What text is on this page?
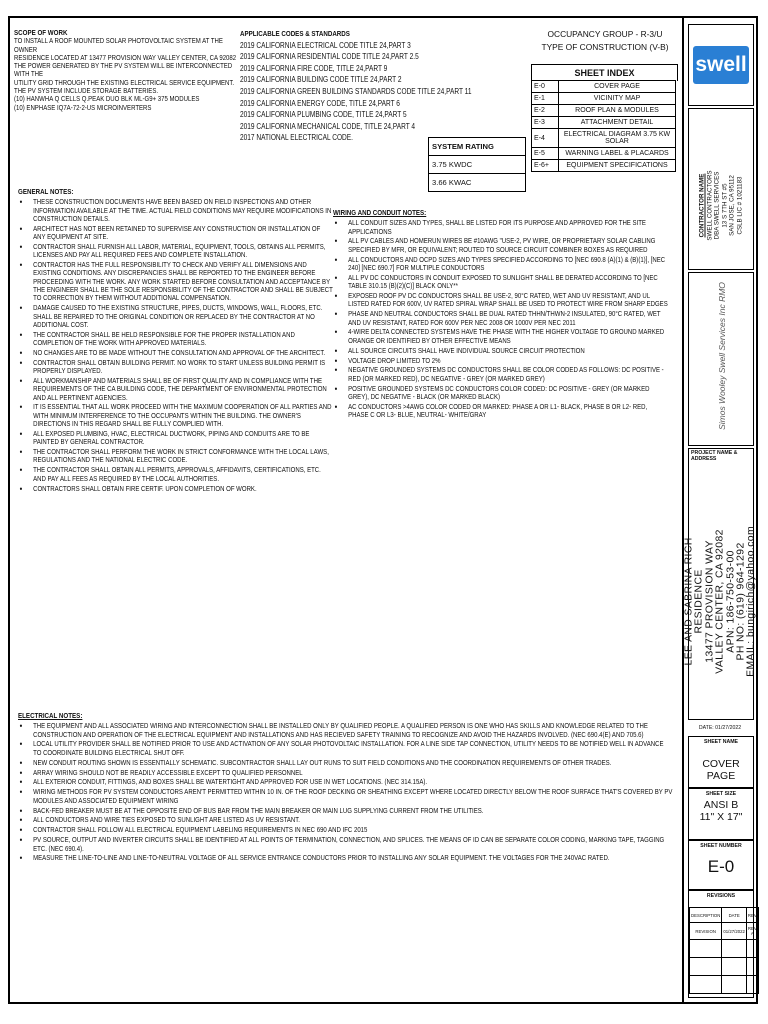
SCOPE OF WORK
TO INSTALL A ROOF MOUNTED SOLAR PHOTOVOLTAIC SYSTEM AT THE OWNER
RESIDENCE LOCATED AT 13477 PROVISION WAY VALLEY CENTER, CA 92082
THE POWER GENERATED BY THE PV SYSTEM WILL BE INTERCONNECTED WITH THE
UTILITY GRID THROUGH THE EXISTING ELECTRICAL SERVICE EQUIPMENT.
THE PV SYSTEM INCLUDE STORAGE BATTERIES.
(10) HANWHA Q CELLS Q.PEAK DUO BLK ML-G9+ 375 MODULES
(10) ENPHASE IQ7A-72-2-US MICROINVERTERS
APPLICABLE CODES & STANDARDS
2019 CALIFORNIA ELECTRICAL CODE TITLE 24,PART 3
2019 CALIFORNIA RESIDENTIAL CODE TITLE 24,PART 2.5
2019 CALIFORNIA FIRE CODE, TITLE 24,PART 9
2019 CALIFORNIA BUILDING CODE TITLE 24,PART 2
2019 CALIFORNIA GREEN BUILDING STANDARDS CODE TITLE 24,PART 11
2019 CALIFORNIA ENERGY CODE, TITLE 24,PART 6
2019 CALIFORNIA PLUMBING CODE, TITLE 24,PART 5
2019 CALIFORNIA MECHANICAL CODE, TITLE 24,PART 4
2017 NATIONAL ELECTRICAL CODE.
OCCUPANCY GROUP - R-3/U
TYPE OF CONSTRUCTION (V-B)
SHEET INDEX
E-0	COVER PAGE
E-1	VICINITY MAP
E-2	ROOF PLAN & MODULES
E-3	ATTACHMENT DETAIL
E-4	ELECTRICAL DIAGRAM 3.75 KW SOLAR
E-5	WARNING LABEL & PLACARDS
E-6+	EQUIPMENT SPECIFICATIONS
SYSTEM RATING
3.75 KWDC
3.66 KWAC
GENERAL NOTES:
• THESE CONSTRUCTION DOCUMENTS HAVE BEEN BASED ON FIELD INSPECTIONS AND OTHER INFORMATION AVAILABLE AT THE TIME. ACTUAL FIELD CONDITIONS MAY REQUIRE MODIFICATIONS IN CONSTRUCTION DETAILS.
• ARCHITECT HAS NOT BEEN RETAINED TO SUPERVISE ANY CONSTRUCTION OR INSTALLATION OF ANY EQUIPMENT AT SITE.
• CONTRACTOR SHALL FURNISH ALL LABOR, MATERIAL, EQUIPMENT, TOOLS, OBTAINS ALL PERMITS, LICENSES AND PAY ALL REQUIRED FEES AND COMPLETE INSTALLATION.
• CONTRACTOR HAS THE FULL RESPONSIBILITY TO CHECK AND VERIFY ALL DIMENSIONS AND EXISTING CONDITIONS. ANY DISCREPANCIES SHALL BE REPORTED TO THE ENGINEER BEFORE PROCEEDING WITH THE WORK. ANY WORK STARTED BEFORE CONSULTATION AND ACCEPTANCE BY THE ENGINEER SHALL BE THE SOLE RESPONSIBILITY OF THE CONTRACTOR AND SHALL BE SUBJECT TO CORRECTION BY THEM WITHOUT ADDITIONAL COMPENSATION.
• DAMAGE CAUSED TO THE EXISTING STRUCTURE, PIPES, DUCTS, WINDOWS, WALL, FLOORS, ETC. SHALL BE REPAIRED TO THE ORIGINAL CONDITION OR REPLACED BY THE CONTRACTOR AT NO ADDITIONAL COST.
• THE CONTRACTOR SHALL BE HELD RESPONSIBLE FOR THE PROPER INSTALLATION AND COMPLETION OF THE WORK WITH APPROVED MATERIALS.
• NO CHANGES ARE TO BE MADE WITHOUT THE CONSULTATION AND APPROVAL OF THE ARCHITECT.
• CONTRACTOR SHALL OBTAIN BUILDING PERMIT. NO WORK TO START UNLESS BUILDING PERMIT IS PROPERLY DISPLAYED.
• ALL WORKMANSHIP AND MATERIALS SHALL BE OF FIRST QUALITY AND IN COMPLIANCE WITH THE REQUIREMENTS OF THE CA BUILDING CODE, THE DEPARTMENT OF ENVIRONMENTAL PROTECTION AND ALL PERTINENT AGENCIES.
• IT IS ESSENTIAL THAT ALL WORK PROCEED WITH THE MAXIMUM COOPERATION OF ALL PARTIES AND WITH MINIMUM INTERFERENCE TO THE OCCUPANTS WITHIN THE BUILDING. THE OWNER'S DIRECTIONS IN THIS REGARD SHALL BE FULLY COMPLIED WITH.
• ALL EXPOSED PLUMBING, HVAC, ELECTRICAL DUCTWORK, PIPING AND CONDUITS ARE TO BE PAINTED BY GENERAL CONTRACTOR.
• THE CONTRACTOR SHALL PERFORM THE WORK IN STRICT CONFORMANCE WITH THE LOCAL LAWS, REGULATIONS AND THE NATIONAL ELECTRIC CODE.
• THE CONTRACTOR SHALL OBTAIN ALL PERMITS, APPROVALS, AFFIDAVITS, CERTIFICATIONS, ETC. AND PAY ALL FEES AS REQUIRED BY THE LOCAL AUTHORITIES.
• CONTRACTORS SHALL OBTAIN FIRE CERTIF. UPON COMPLETION OF WORK.
WIRING AND CONDUIT NOTES:
• ALL CONDUIT SIZES AND TYPES, SHALL BE LISTED FOR ITS PURPOSE AND APPROVED FOR THE SITE APPLICATIONS
• ALL PV CABLES AND HOMERUN WIRES BE #10AWG "USE-2, PV WIRE, OR PROPRIETARY SOLAR CABLING SPECIFIED BY MFR, OR EQUIVALENT; ROUTED TO SOURCE CIRCUIT COMBINER BOXES AS REQUIRED
• ALL CONDUCTORS AND OCPD SIZES AND TYPES SPECIFIED ACCORDING TO [NEC 690.8 (A)(1) & (B)(1)], [NEC 240] [NEC 690.7] FOR MULTIPLE CONDUCTORS
• ALL PV DC CONDUCTORS IN CONDUIT EXPOSED TO SUNLIGHT SHALL BE DERATED ACCORDING TO [NEC TABLE 310.15 (B)(2)(C)] BLACK ONLY**
• EXPOSED ROOF PV DC CONDUCTORS SHALL BE USE-2, 90°C RATED, WET AND UV RESISTANT, AND UL LISTED RATED FOR 600V, UV RATED SPIRAL WRAP SHALL BE USED TO PROTECT WIRE FROM SHARP EDGES
• PHASE AND NEUTRAL CONDUCTORS SHALL BE DUAL RATED THHN/THWN-2 INSULATED, 90°C RATED, WET AND UV RESISTANT, RATED FOR 600V PER NEC 2008 OR 1000V PER NEC 2011
• 4-WIRE DELTA CONNECTED SYSTEMS HAVE THE PHASE WITH THE HIGHER VOLTAGE TO GROUND MARKED ORANGE OR IDENTIFIED BY OTHER EFFECTIVE MEANS
• ALL SOURCE CIRCUITS SHALL HAVE INDIVIDUAL SOURCE CIRCUIT PROTECTION
• VOLTAGE DROP LIMITED TO 2%
• NEGATIVE GROUNDED SYSTEMS DC CONDUCTORS SHALL BE COLOR CODED AS FOLLOWS: DC POSITIVE - RED (OR MARKED RED), DC NEGATIVE - GREY (OR MARKED GREY)
• POSITIVE GROUNDED SYSTEMS DC CONDUCTORS COLOR CODED: DC POSITIVE - GREY (OR MARKED GREY), DC NEGATIVE - BLACK (OR MARKED BLACK)
• AC CONDUCTORS >4AWG COLOR CODED OR MARKED: PHASE A OR L1- BLACK, PHASE B OR L2- RED, PHASE C OR L3- BLUE, NEUTRAL- WHITE/GRAY
ELECTRICAL NOTES:
• THE EQUIPMENT AND ALL ASSOCIATED WIRING AND INTERCONNECTION SHALL BE INSTALLED ONLY BY QUALIFIED PEOPLE. A QUALIFIED PERSON IS ONE WHO HAS SKILLS AND KNOWLEDGE RELATED TO THE CONSTRUCTION AND OPERATION OF THE ELECTRICAL EQUIPMENT AND INSTALLATIONS AND HAS RECIEVED SAFETY TRAINING TO RECOGNIZE AND AVOID THE HAZARDS INVOLVED. (NEC 690.4(E) AND 705.6)
• LOCAL UTILITY PROVIDER SHALL BE NOTIFIED PRIOR TO USE AND ACTIVATION OF ANY SOLAR PHOTOVOLTAIC INSTALLATION. FOR A LINE SIDE TAP CONNECTION, UTILITY NEEDS TO BE NOTIFIED WELL IN ADVANCE TO COORDINATE BUILDING ELECTRICAL SHUT OFF.
• NEW CONDUIT ROUTING SHOWN IS ESSENTIALLY SCHEMATIC. SUBCONTRACTOR SHALL LAY OUT RUNS TO SUIT FIELD CONDITIONS AND THE COORDINATION REQUIREMENTS OF OTHER TRADES.
• ARRAY WIRING SHOULD NOT BE READILY ACCESSIBLE EXCEPT TO QUALIFIED PERSONNEL
• ALL EXTERIOR CONDUIT, FITTINGS, AND BOXES SHALL BE WATERTIGHT AND APPROVED FOR USE IN WET LOCATIONS. (NEC 314.15A).
• WIRING METHODS FOR PV SYSTEM CONDUCTORS AREN'T PERMITTED WITHIN 10 IN. OF THE ROOF DECKING OR SHEATHING EXCEPT WHERE LOCATED DIRECTLY BELOW THE ROOF SURFACE THAT'S COVERED BY PV MODULES AND ASSOCIATED EQUIPMENT WIRING
• BACK-FED BREAKER MUST BE AT THE OPPOSITE END OF BUS BAR FROM THE MAIN BREAKER OR MAIN LUG SUPPLYING CURRENT FROM THE UTILITIES.
• ALL CONDUCTORS AND WIRE TIES EXPOSED TO SUNLIGHT ARE LISTED AS UV RESISTANT.
• CONTRACTOR SHALL FOLLOW ALL ELECTRICAL EQUIPMENT LABELING REQUIREMENTS IN NEC 690 AND IFC 2015
• PV SOURCE, OUTPUT AND INVERTER CIRCUITS SHALL BE IDENTIFIED AT ALL POINTS OF TERMINATION, CONNECTION, AND SPLICES. THE MEANS OF ID CAN BE SEPARATE COLOR CODING, MARKING TAPE, TAGGING ETC. (NEC 690.4).
• MEASURE THE LINE-TO-LINE AND LINE-TO-NEUTRAL VOLTAGE OF ALL SERVICE ENTRANCE CONDUCTORS PRIOR TO INSTALLING ANY SOLAR EQUIPMENT. THE VOLTAGES FOR THE 240VAC RATED.
swell
CONTRACTOR NAME SWELL CONTRACTORS DBA SWELL SERVICES 13 S 7TH ST #5 SAN JOSE, CA 95112 CSLB LIC # 1021183
Simos Wooley Swell Services Inc RMO
PROJECT NAME & ADDRESS
LEE AND SABRINA RICH RESIDENCE 13477 PROVISION WAY VALLEY CENTER, CA 92082 APN: 186-750-53-00 PH NO: (619) 964-1292 EMAIL: bungirich@yahoo.com
DATE: 01/27/2022
SHEET NAME
COVER PAGE
SHEET SIZE
ANSI B
11" X 17"
SHEET NUMBER
E-0
REVISIONS
DESCRIPTION	DATE	REV
REVISION	01/27/2022	REV A
